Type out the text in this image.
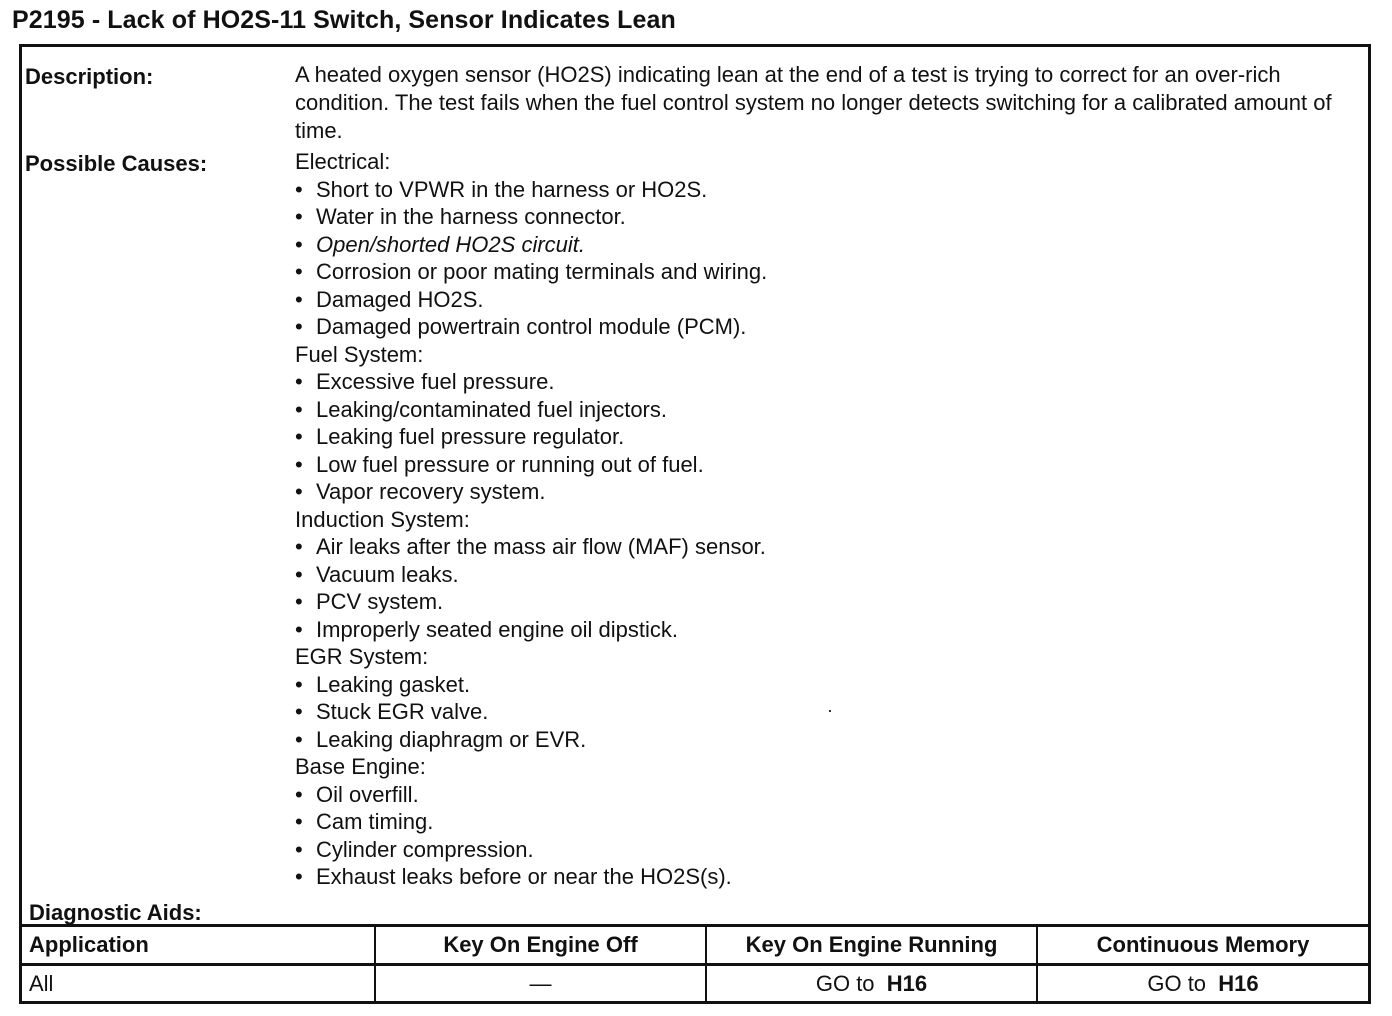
P2195 - Lack of HO2S-11 Switch, Sensor Indicates Lean
Description:	A heated oxygen sensor (HO2S) indicating lean at the end of a test is trying to correct for an over-rich condition. The test fails when the fuel control system no longer detects switching for a calibrated amount of time.
Possible Causes:	Electrical:
• Short to VPWR in the harness or HO2S.
• Water in the harness connector.
• Open/shorted HO2S circuit.
• Corrosion or poor mating terminals and wiring.
• Damaged HO2S.
• Damaged powertrain control module (PCM).
Fuel System:
• Excessive fuel pressure.
• Leaking/contaminated fuel injectors.
• Leaking fuel pressure regulator.
• Low fuel pressure or running out of fuel.
• Vapor recovery system.
Induction System:
• Air leaks after the mass air flow (MAF) sensor.
• Vacuum leaks.
• PCV system.
• Improperly seated engine oil dipstick.
EGR System:
• Leaking gasket.
• Stuck EGR valve.
• Leaking diaphragm or EVR.
Base Engine:
• Oil overfill.
• Cam timing.
• Cylinder compression.
• Exhaust leaks before or near the HO2S(s).
Diagnostic Aids:
Application	Key On Engine Off	Key On Engine Running	Continuous Memory
All	—	GO to H16	GO to H16
